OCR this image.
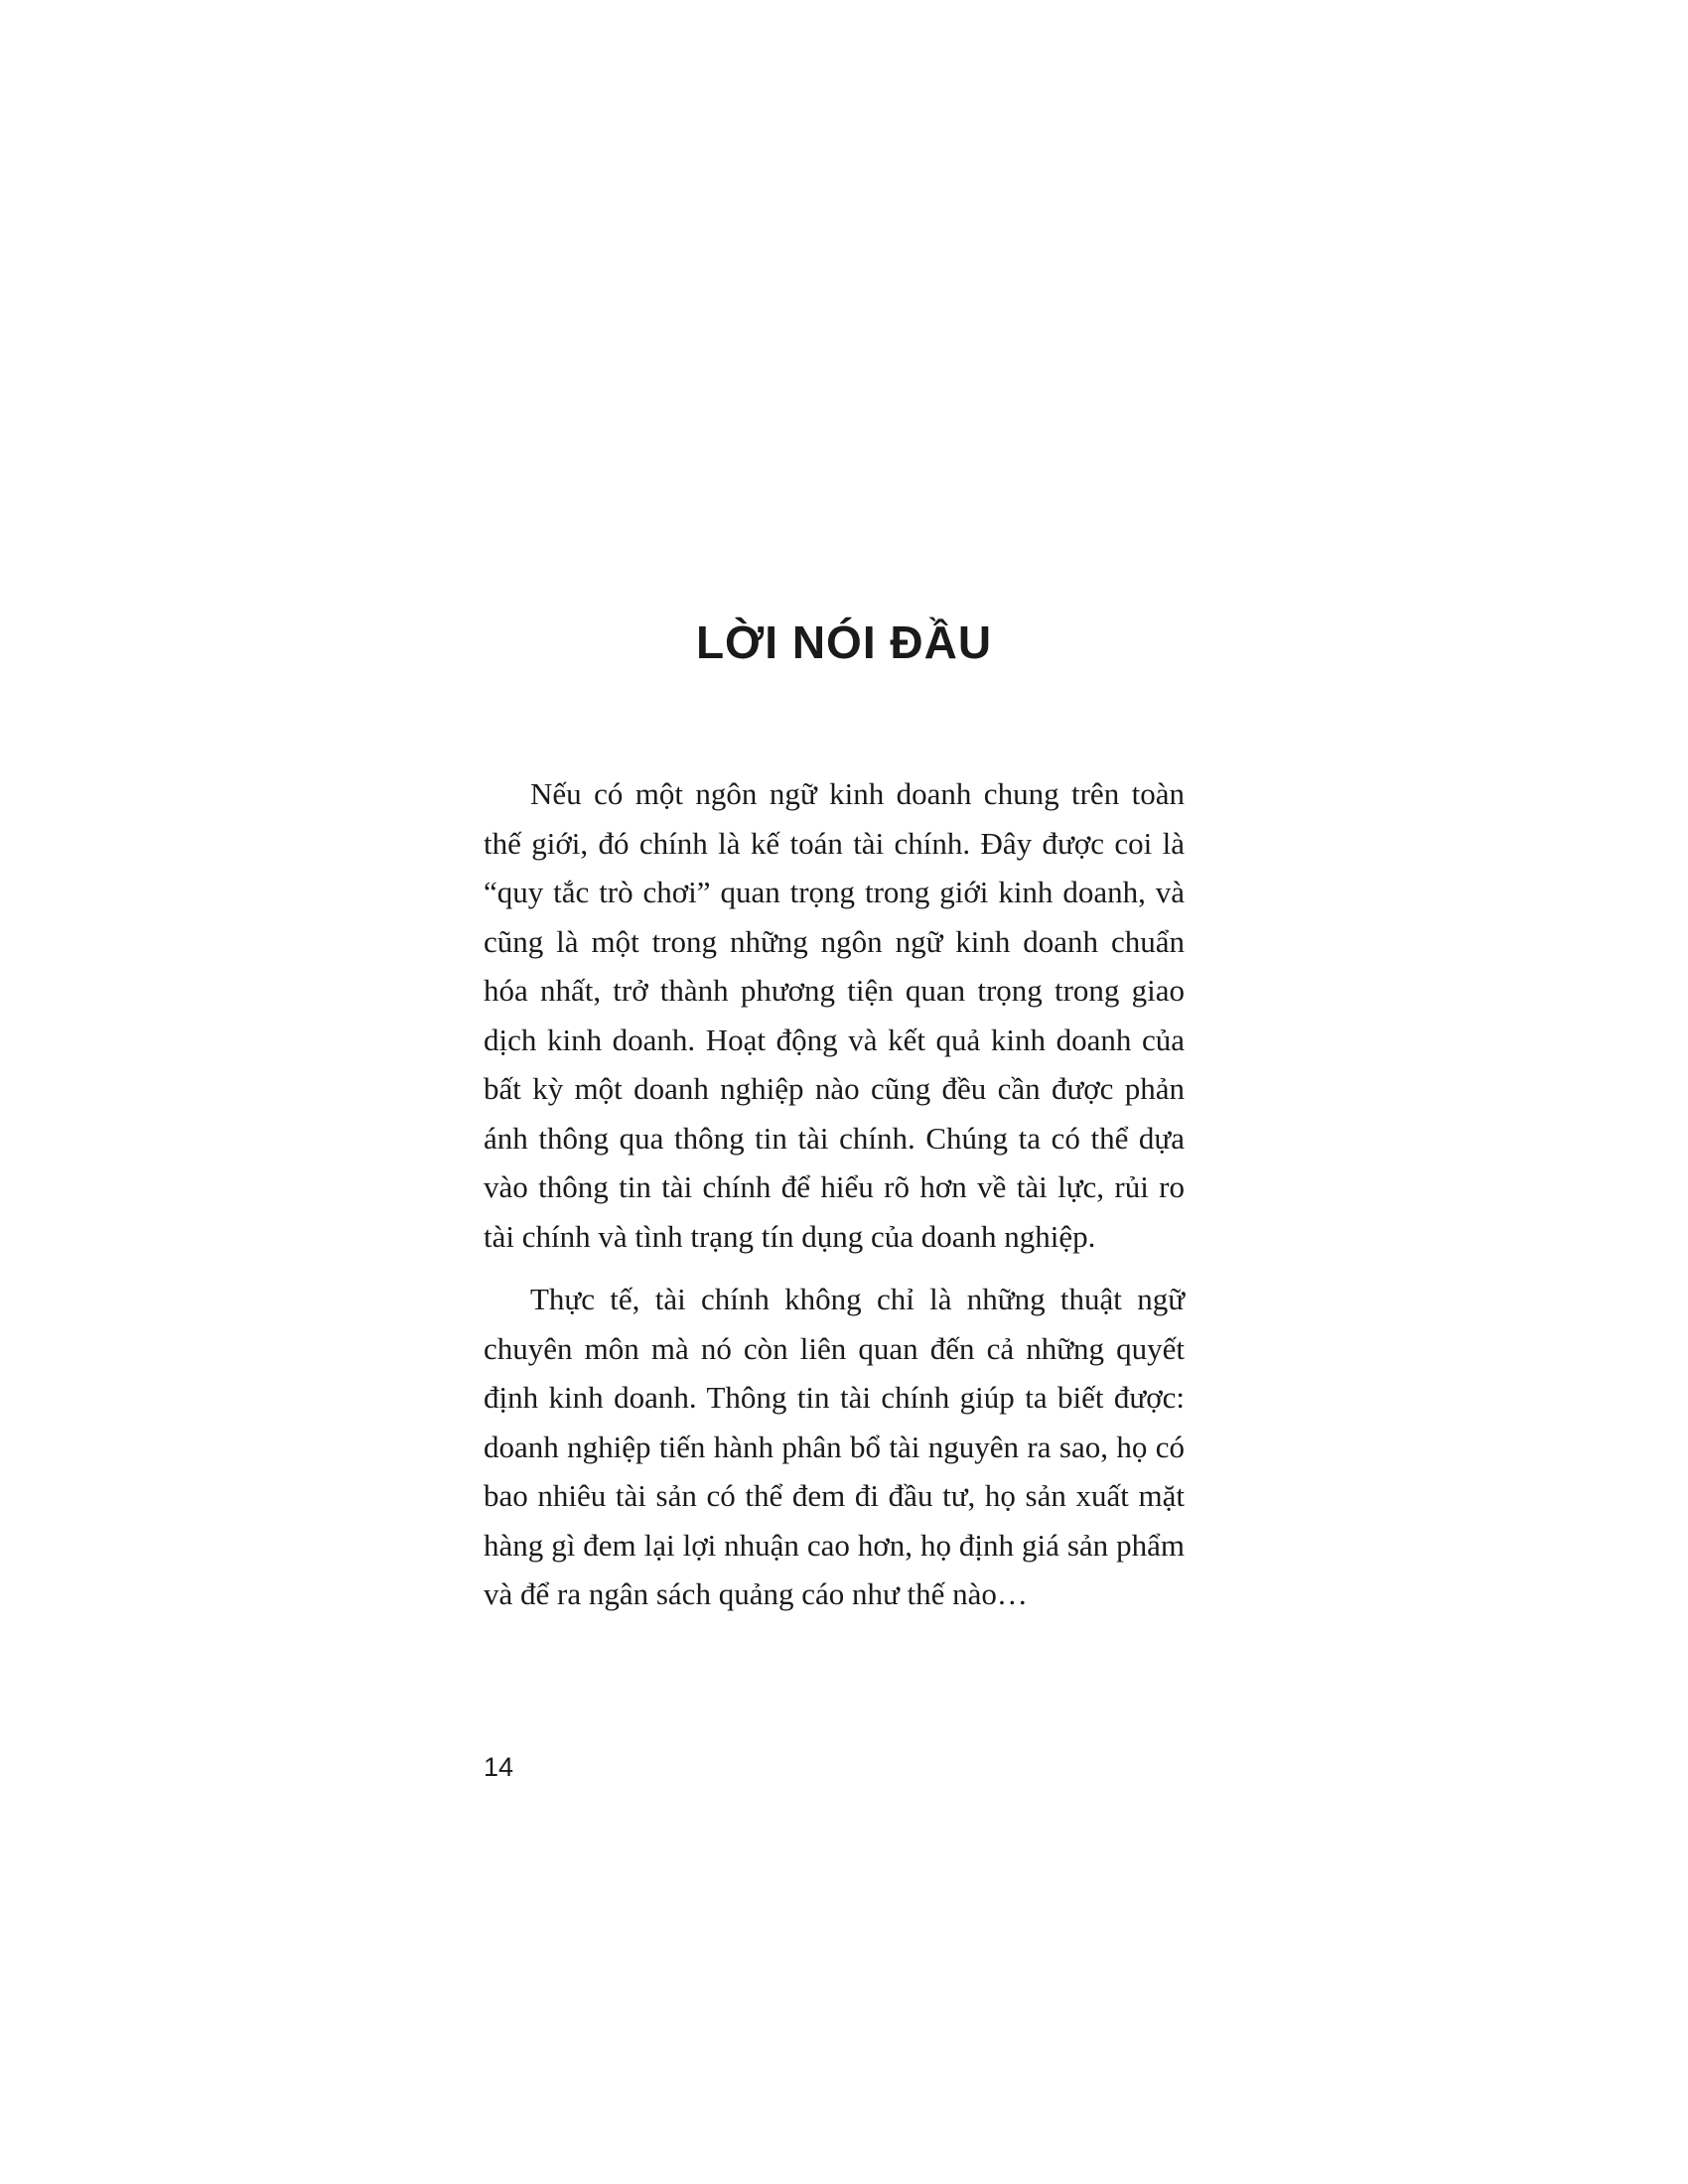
LỜI NÓI ĐẦU

Nếu có một ngôn ngữ kinh doanh chung trên toàn thế giới, đó chính là kế toán tài chính. Đây được coi là “quy tắc trò chơi” quan trọng trong giới kinh doanh, và cũng là một trong những ngôn ngữ kinh doanh chuẩn hóa nhất, trở thành phương tiện quan trọng trong giao dịch kinh doanh. Hoạt động và kết quả kinh doanh của bất kỳ một doanh nghiệp nào cũng đều cần được phản ánh thông qua thông tin tài chính. Chúng ta có thể dựa vào thông tin tài chính để hiểu rõ hơn về tài lực, rủi ro tài chính và tình trạng tín dụng của doanh nghiệp.

Thực tế, tài chính không chỉ là những thuật ngữ chuyên môn mà nó còn liên quan đến cả những quyết định kinh doanh. Thông tin tài chính giúp ta biết được: doanh nghiệp tiến hành phân bổ tài nguyên ra sao, họ có bao nhiêu tài sản có thể đem đi đầu tư, họ sản xuất mặt hàng gì đem lại lợi nhuận cao hơn, họ định giá sản phẩm và để ra ngân sách quảng cáo như thế nào…

14
